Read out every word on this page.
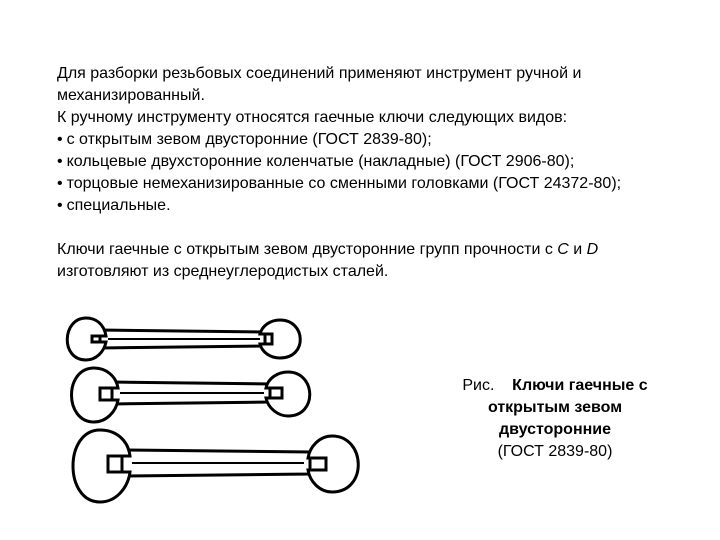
Для разборки резьбовых соединений применяют инструмент ручной и механизированный.

К ручному инструменту относятся гаечные ключи следующих видов:

• с открытым зевом двусторонние (ГОСТ 2839-80);
• кольцевые двухсторонние коленчатые (накладные) (ГОСТ 2906-80);
• торцовые немеханизированные со сменными головками (ГОСТ 24372-80);
• специальные.

Ключи гаечные с открытым зевом двусторонние групп прочности с С и D изготовляют из среднеуглеродистых сталей.

Рис. Ключи гаечные с открытым зевом двусторонние
(ГОСТ 2839-80)
